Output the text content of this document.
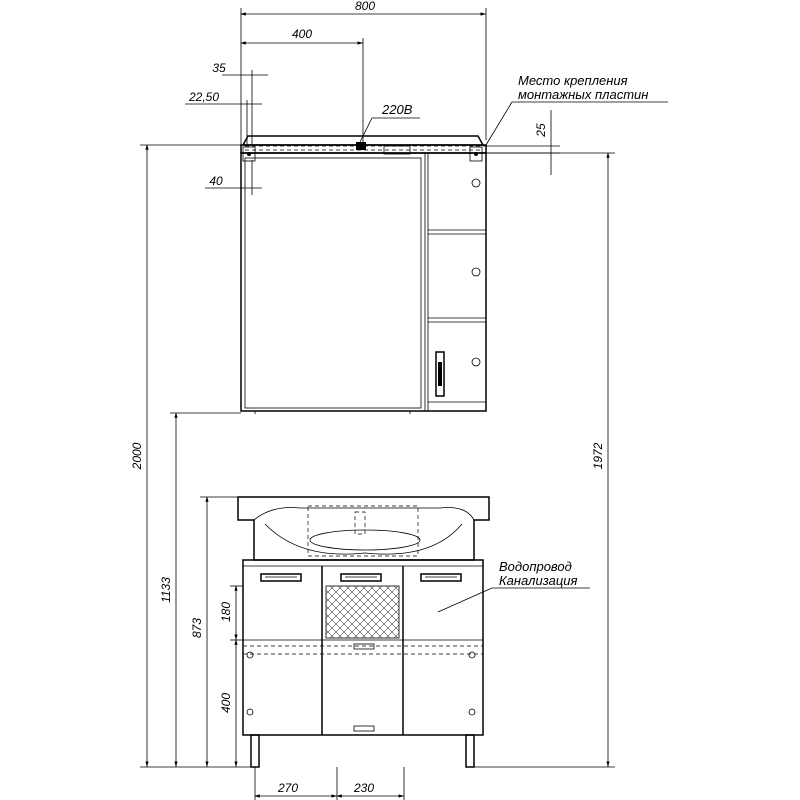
800
400
35
22,50
40
25
2000	1972
1133
873
180
400
270	230
220В
Место крепления
монтажных пластин
Водопровод
Канализация
